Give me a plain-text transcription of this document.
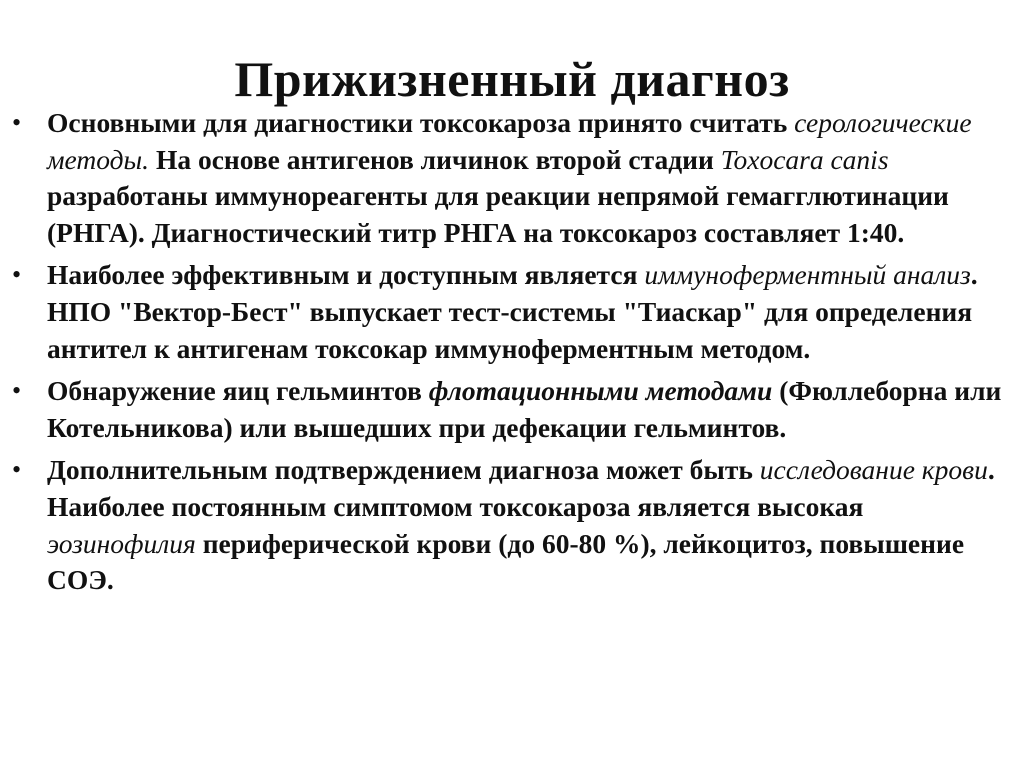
Прижизненный диагноз
• Основными для диагностики токсокароза принято считать серологические методы. На основе антигенов личинок второй стадии Toxocara canis разработаны иммунореагенты для реакции непрямой гемагглютинации (РНГА). Диагностический титр РНГА на токсокароз составляет 1:40.
• Наиболее эффективным и доступным является иммуноферментный анализ. НПО "Вектор-Бест" выпускает тест-системы "Тиаскар" для определения антител к антигенам токсокар иммуноферментным методом.
• Обнаружение яиц гельминтов флотационными методами (Фюллеборна или Котельникова) или вышедших при дефекации гельминтов.
• Дополнительным подтверждением диагноза может быть исследование крови. Наиболее постоянным симптомом токсокароза является высокая эозинофилия периферической крови (до 60-80 %), лейкоцитоз, повышение СОЭ.
